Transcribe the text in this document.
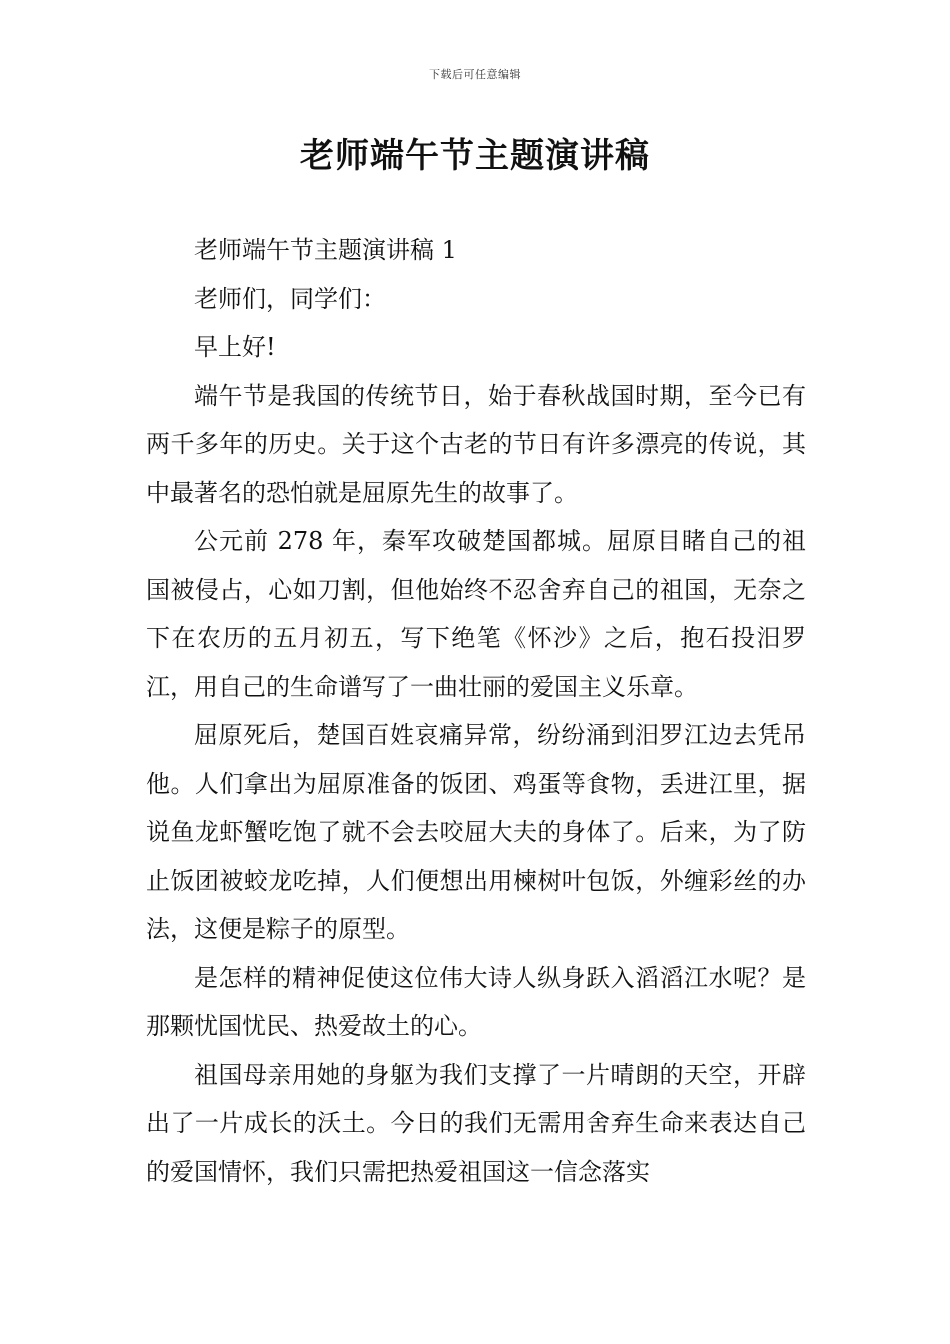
下载后可任意编辑
老师端午节主题演讲稿

老师端午节主题演讲稿 1

老师们，同学们：

早上好!

端午节是我国的传统节日，始于春秋战国时期，至今已有两千多年的历史。关于这个古老的节日有许多漂亮的传说，其中最著名的恐怕就是屈原先生的故事了。

公元前 278 年，秦军攻破楚国都城。屈原目睹自己的祖国被侵占，心如刀割，但他始终不忍舍弃自己的祖国，无奈之下在农历的五月初五，写下绝笔《怀沙》之后，抱石投汨罗江，用自己的生命谱写了一曲壮丽的爱国主义乐章。

屈原死后，楚国百姓哀痛异常，纷纷涌到汨罗江边去凭吊他。人们拿出为屈原准备的饭团、鸡蛋等食物，丢进江里，据说鱼龙虾蟹吃饱了就不会去咬屈大夫的身体了。后来，为了防止饭团被蛟龙吃掉，人们便想出用楝树叶包饭，外缠彩丝的办法，这便是粽子的原型。

是怎样的精神促使这位伟大诗人纵身跃入滔滔江水呢？是那颗忧国忧民、热爱故土的心。

祖国母亲用她的身躯为我们支撑了一片晴朗的天空，开辟出了一片成长的沃土。今日的我们无需用舍弃生命来表达自己的爱国情怀，我们只需把热爱祖国这一信念落实
